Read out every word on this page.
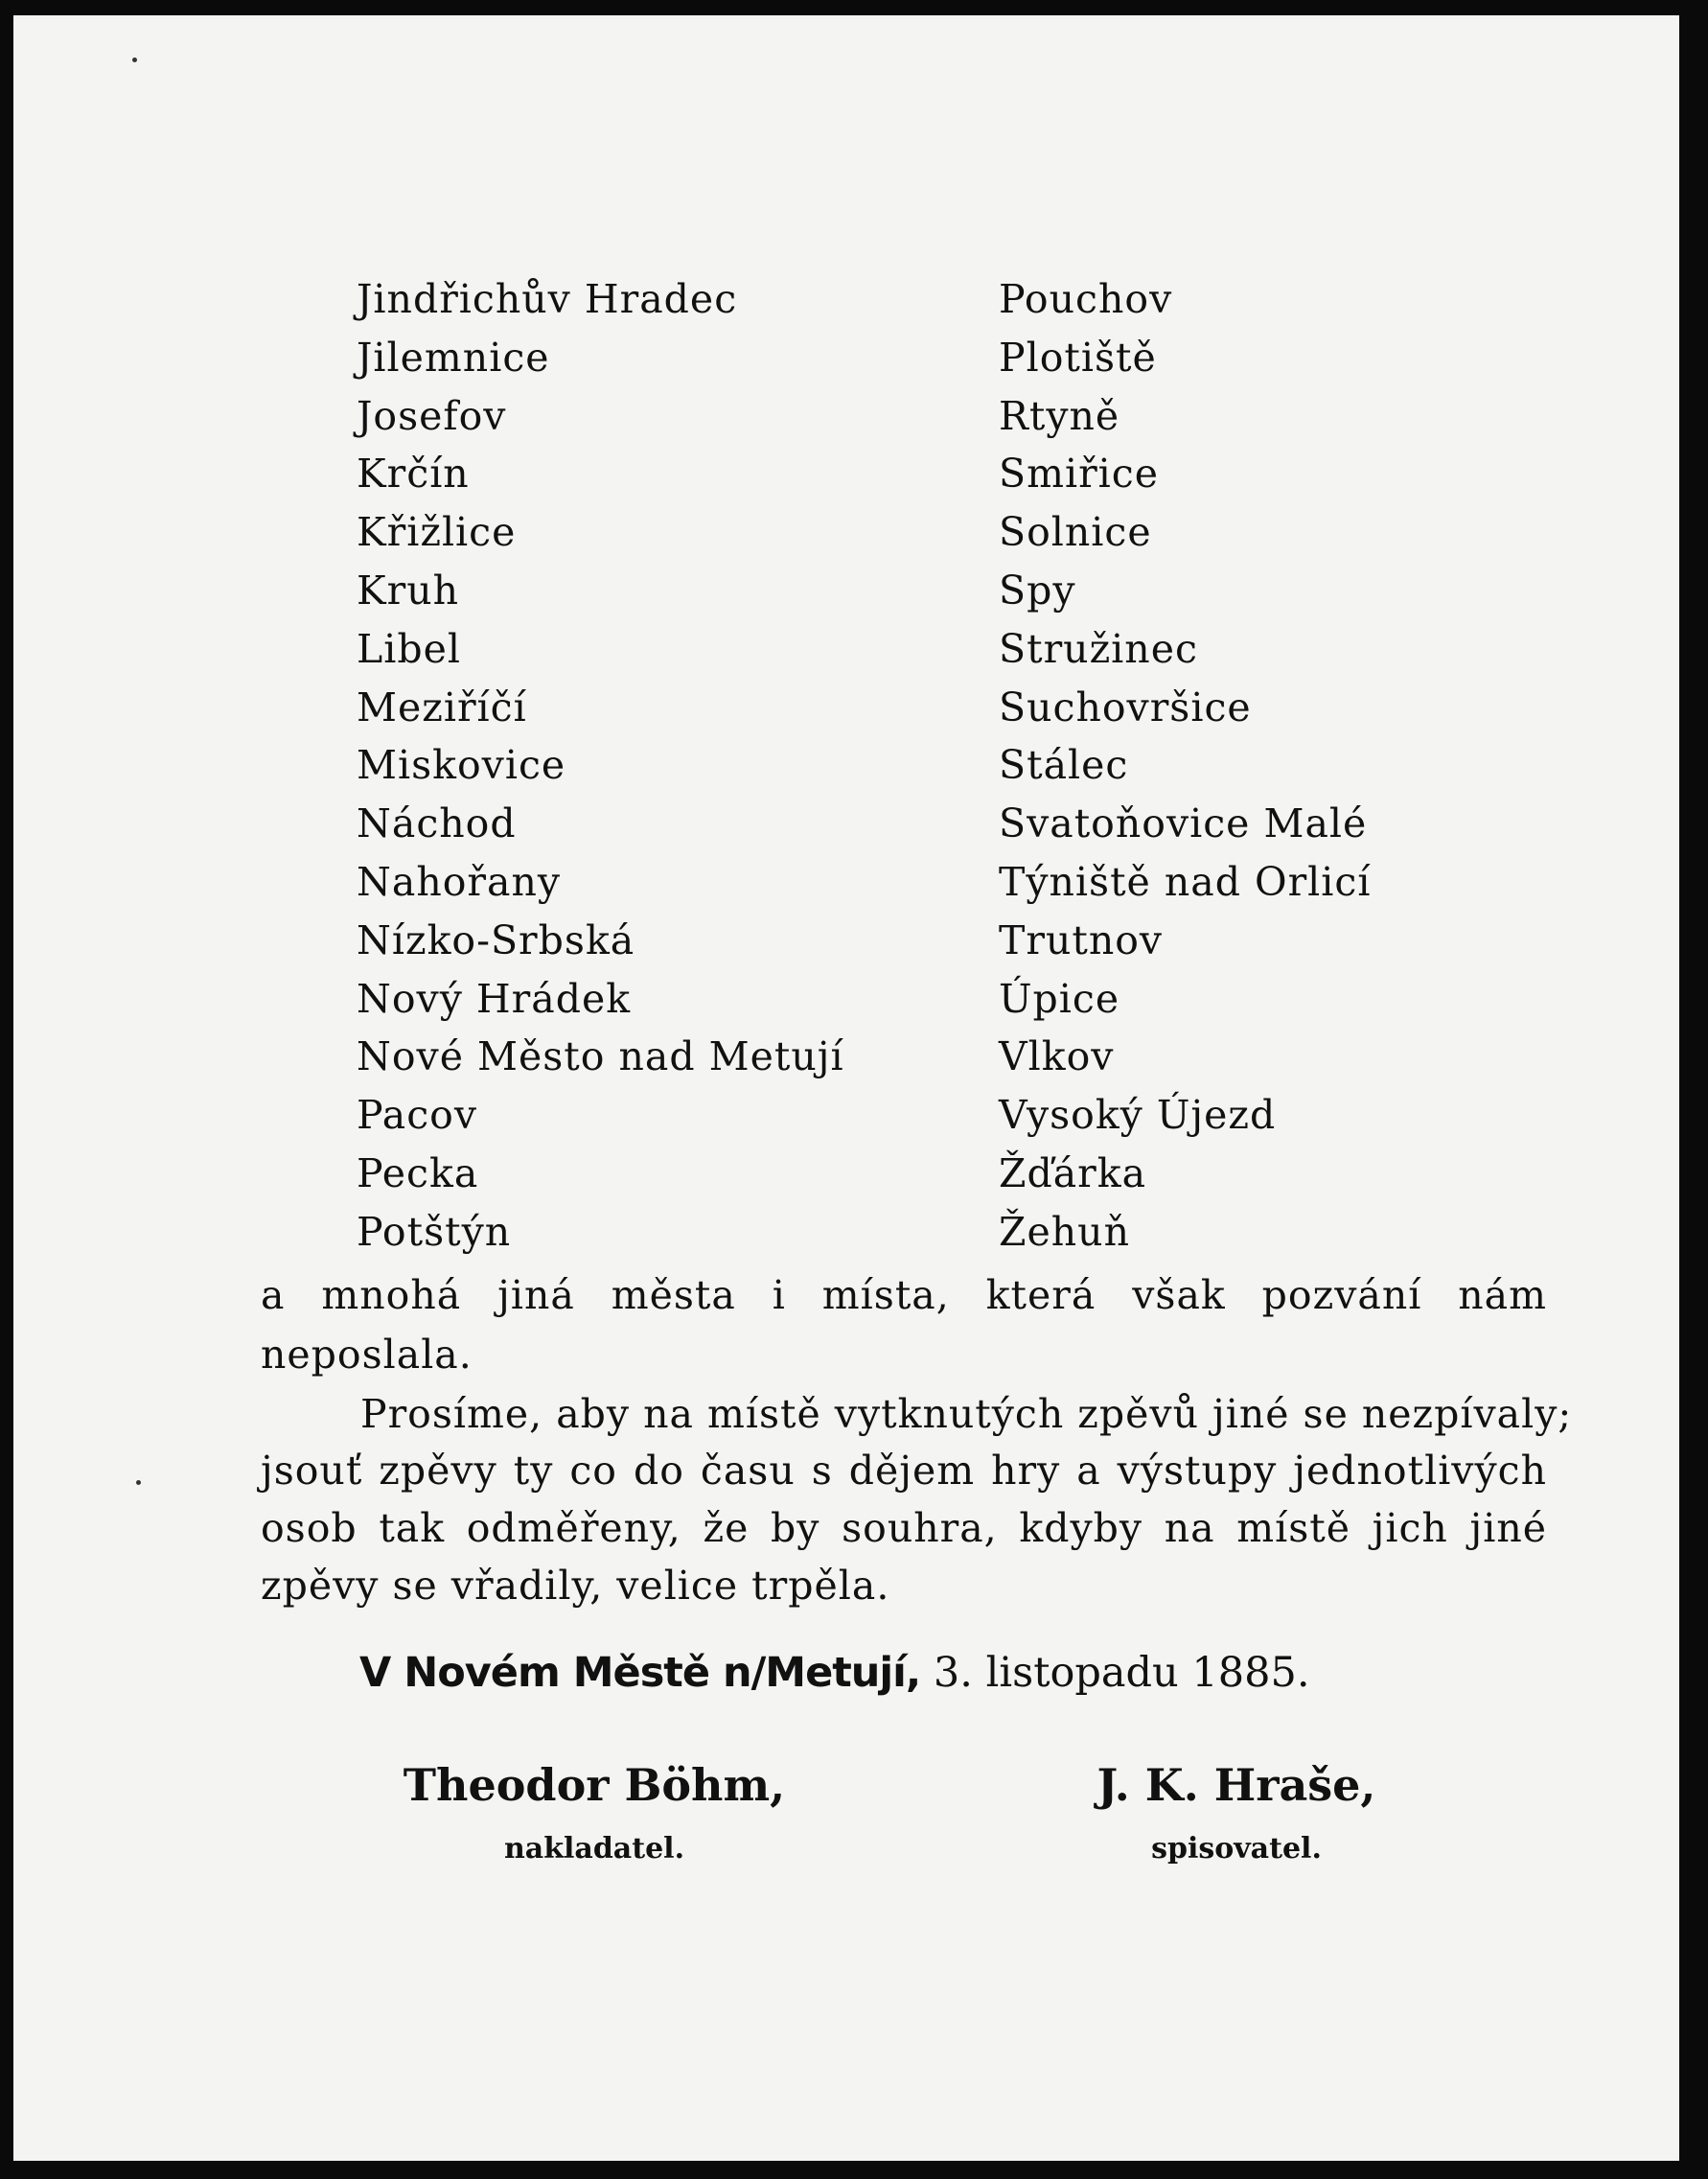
Jindřichův Hradec
Jilemnice
Josefov
Krčín
Křižlice
Kruh
Libel
Meziříčí
Miskovice
Náchod
Nahořany
Nízko-Srbská
Nový Hrádek
Nové Město nad Metují
Pacov
Pecka
Potštýn
Pouchov
Plotiště
Rtyně
Smiřice
Solnice
Spy
Stružinec
Suchovršice
Stálec
Svatoňovice Malé
Týniště nad Orlicí
Trutnov
Úpice
Vlkov
Vysoký Újezd
Žďárka
Žehuň
a mnohá jiná města i místa, která však pozvání nám
neposlala.
Prosíme, aby na místě vytknutých zpěvů jiné se nezpívaly;
jsouť zpěvy ty co do času s dějem hry a výstupy jednotlivých
osob tak odměřeny, že by souhra, kdyby na místě jich jiné
zpěvy se vřadily, velice trpěla.
V Novém Městě n/Metují, 3. listopadu 1885.
Theodor Böhm,
nakladatel.
J. K. Hraše,
spisovatel.
